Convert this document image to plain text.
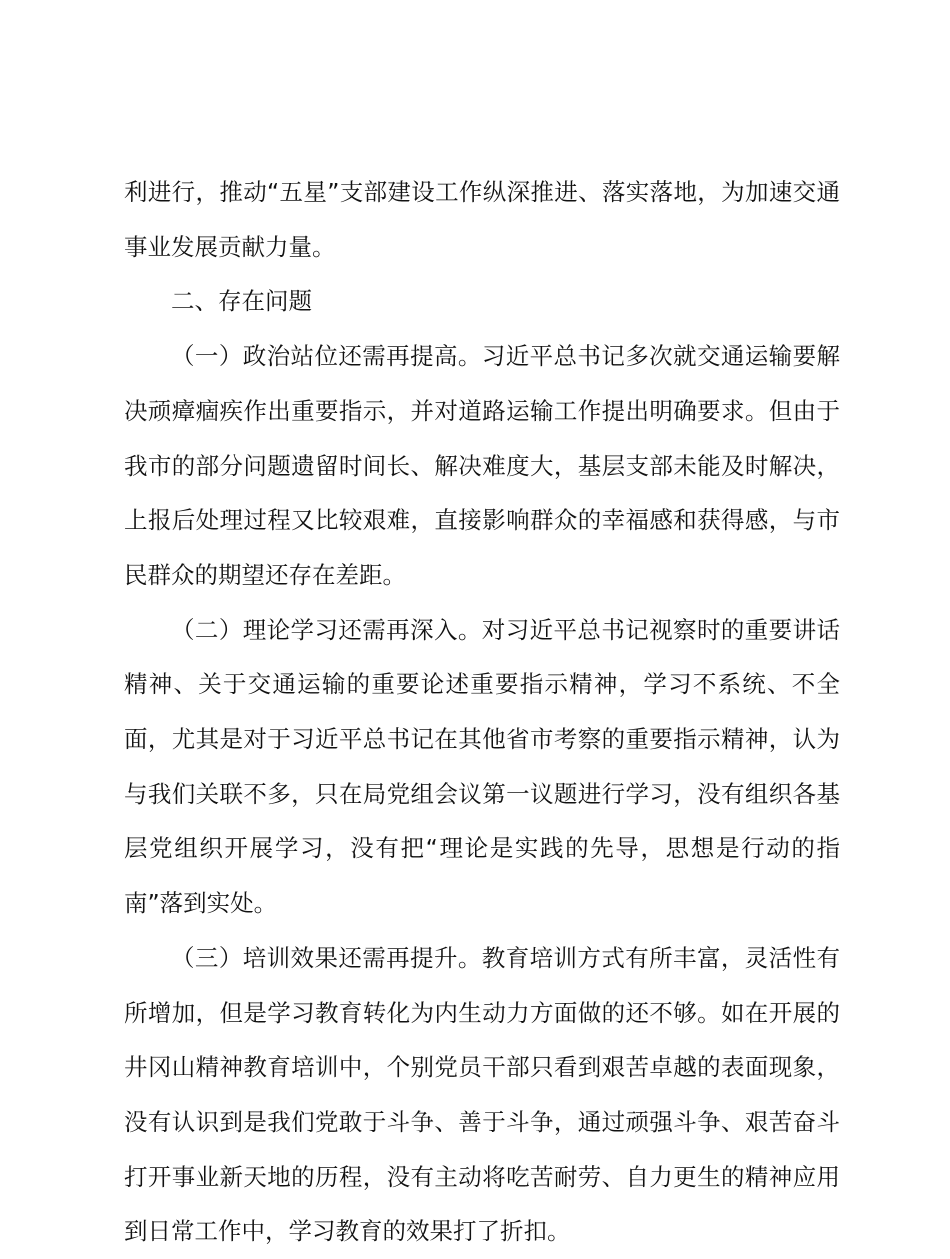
利进行，推动“五星”支部建设工作纵深推进、落实落地，为加速交通事业发展贡献力量。

二、存在问题

（一）政治站位还需再提高。习近平总书记多次就交通运输要解决顽瘴痼疾作出重要指示，并对道路运输工作提出明确要求。但由于我市的部分问题遗留时间长、解决难度大，基层支部未能及时解决，上报后处理过程又比较艰难，直接影响群众的幸福感和获得感，与市民群众的期望还存在差距。

（二）理论学习还需再深入。对习近平总书记视察时的重要讲话精神、关于交通运输的重要论述重要指示精神，学习不系统、不全面，尤其是对于习近平总书记在其他省市考察的重要指示精神，认为与我们关联不多，只在局党组会议第一议题进行学习，没有组织各基层党组织开展学习，没有把“理论是实践的先导，思想是行动的指南”落到实处。

（三）培训效果还需再提升。教育培训方式有所丰富，灵活性有所增加，但是学习教育转化为内生动力方面做的还不够。如在开展的井冈山精神教育培训中，个别党员干部只看到艰苦卓越的表面现象，没有认识到是我们党敢于斗争、善于斗争，通过顽强斗争、艰苦奋斗打开事业新天地的历程，没有主动将吃苦耐劳、自力更生的精神应用到日常工作中，学习教育的效果打了折扣。
